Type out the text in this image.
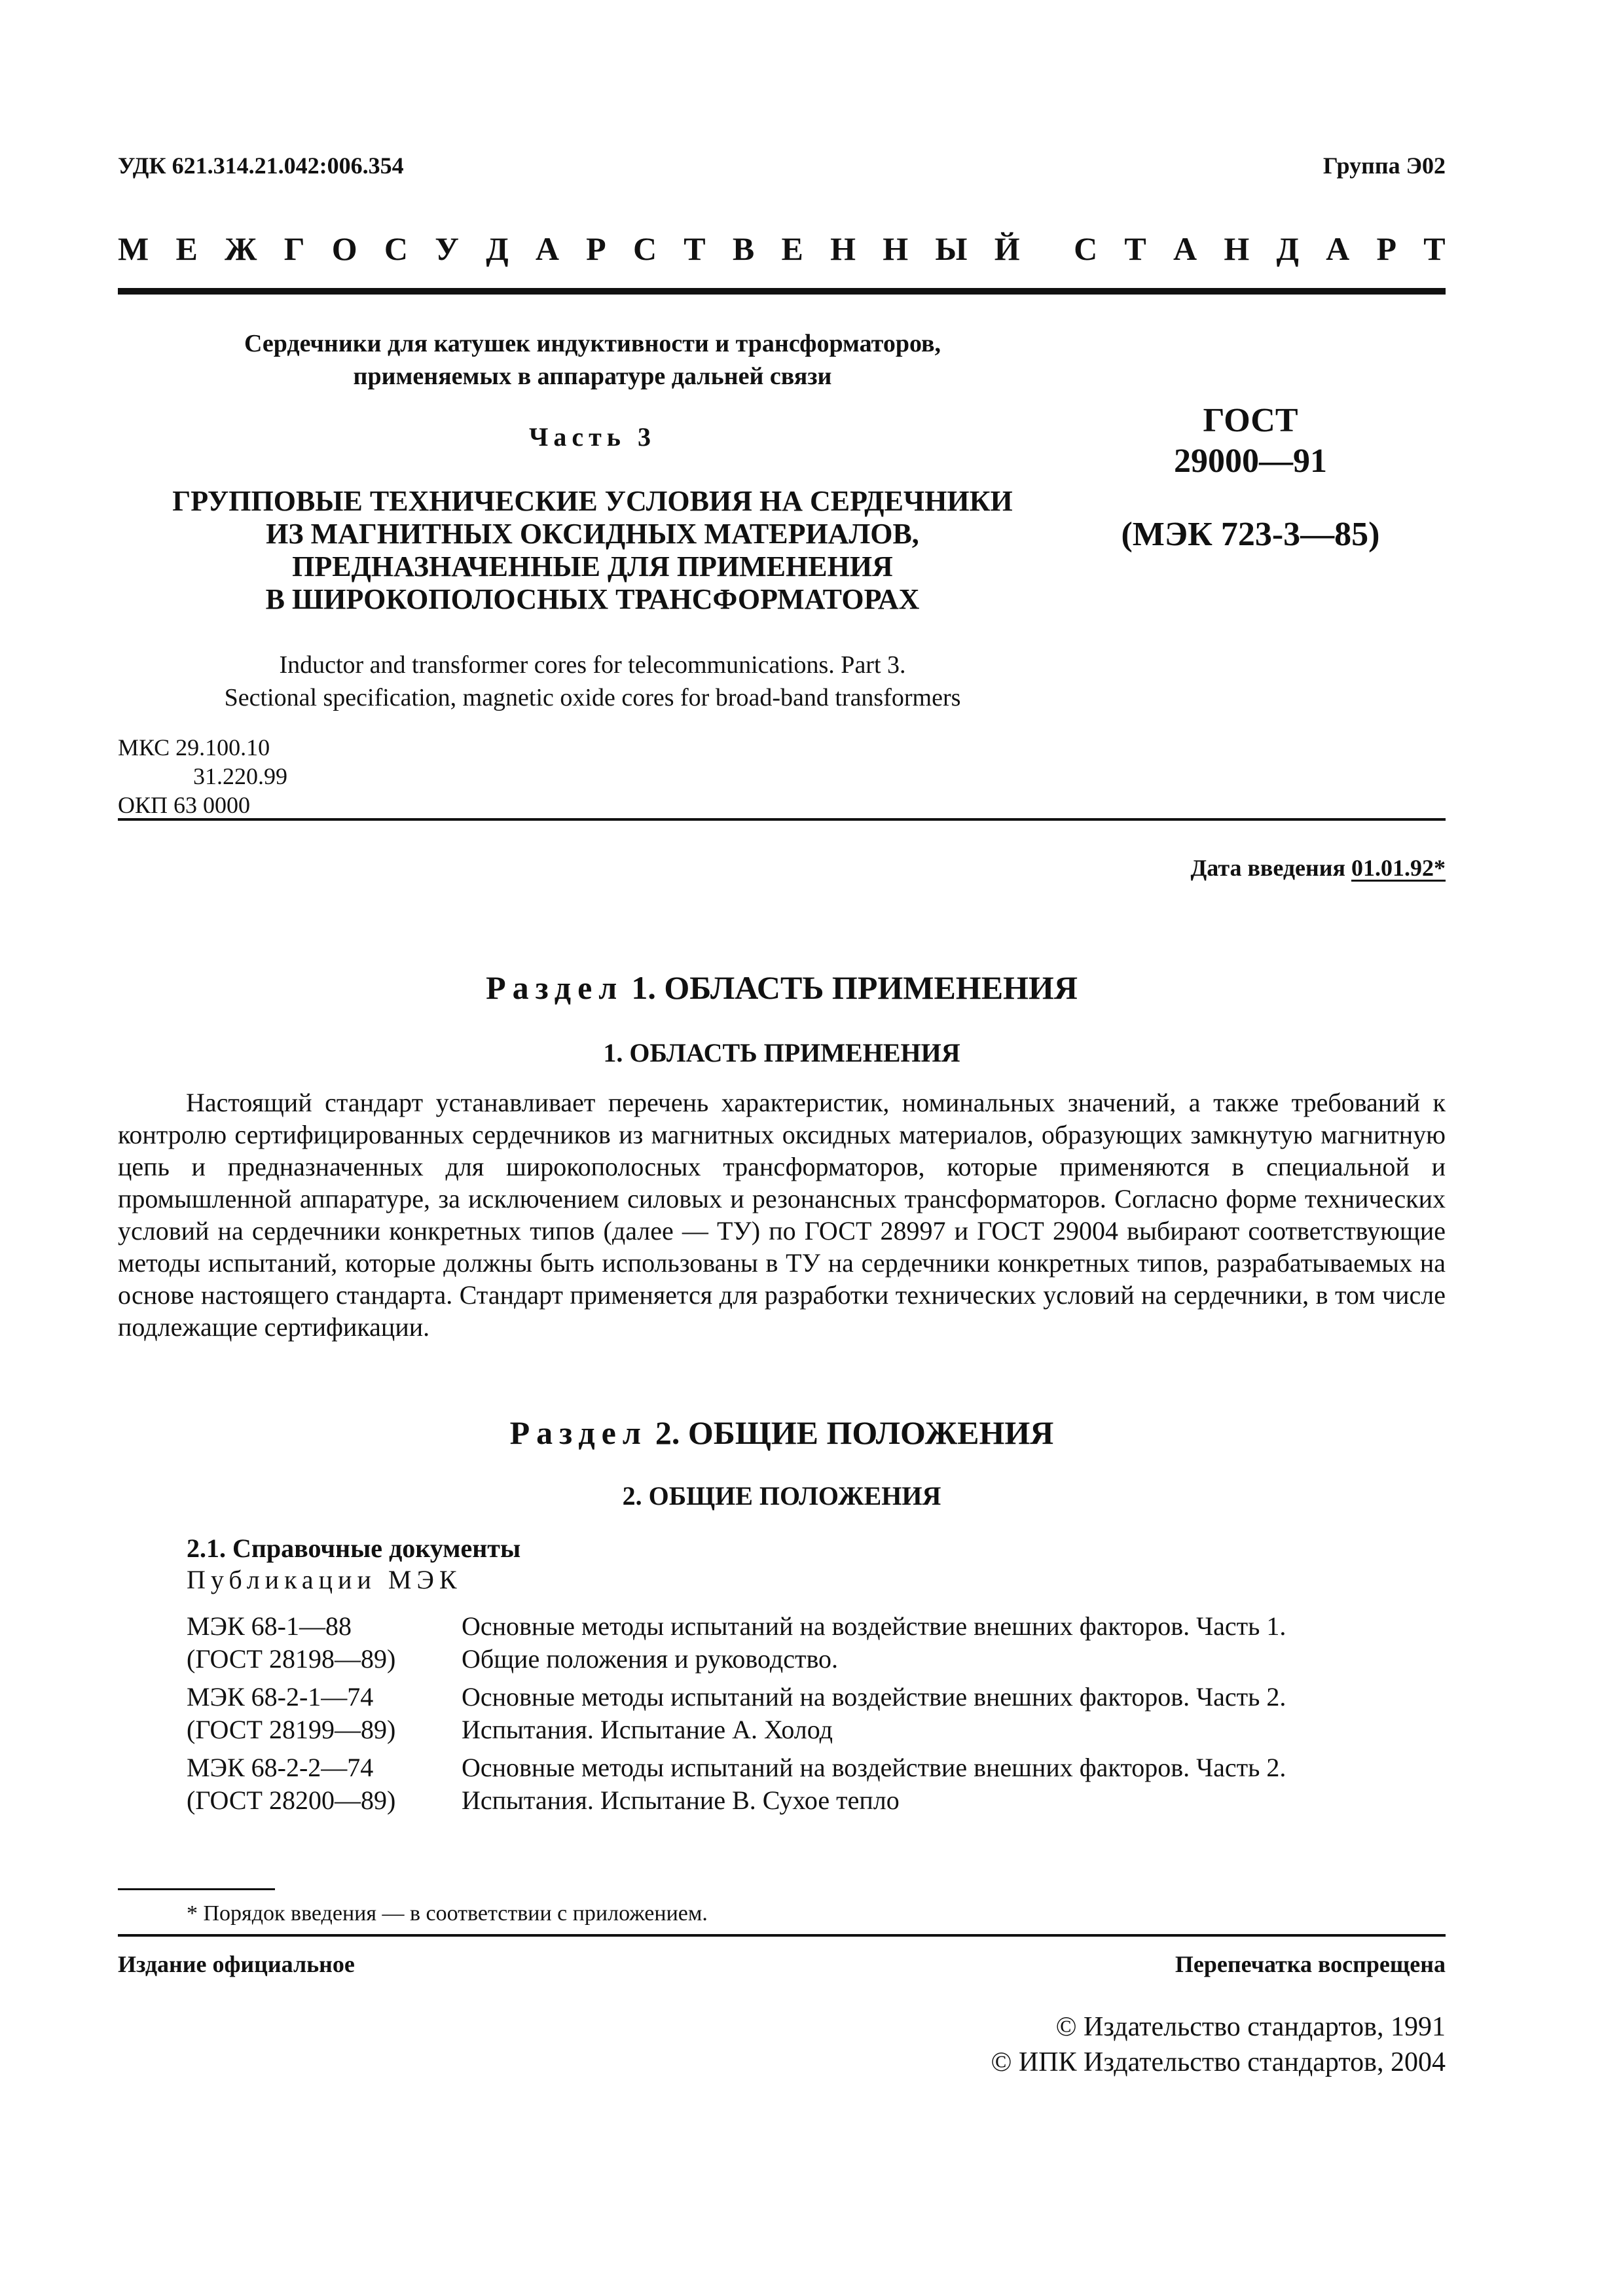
УДК 621.314.21.042:006.354	Группа Э02
М Е Ж Г О С У Д А Р С Т В Е Н Н Ы Й С Т А Н Д А Р Т
Сердечники для катушек индуктивности и трансформаторов,
применяемых в аппаратуре дальней связи
Часть 3
ГРУППОВЫЕ ТЕХНИЧЕСКИЕ УСЛОВИЯ НА СЕРДЕЧНИКИ
ИЗ МАГНИТНЫХ ОКСИДНЫХ МАТЕРИАЛОВ,
ПРЕДНАЗНАЧЕННЫЕ ДЛЯ ПРИМЕНЕНИЯ
В ШИРОКОПОЛОСНЫХ ТРАНСФОРМАТОРАХ
Inductor and transformer cores for telecommunications. Part 3.
Sectional specification, magnetic oxide cores for broad-band transformers
ГОСТ
29000—91
(МЭК 723-3—85)
МКС 29.100.10
31.220.99
ОКП 63 0000
Дата введения 01.01.92*
Раздел 1. ОБЛАСТЬ ПРИМЕНЕНИЯ
1. ОБЛАСТЬ ПРИМЕНЕНИЯ
Настоящий стандарт устанавливает перечень характеристик, номинальных значений, а также требований к контролю сертифицированных сердечников из магнитных оксидных материалов, образующих замкнутую магнитную цепь и предназначенных для широкополосных трансформаторов, которые применяются в специальной и промышленной аппаратуре, за исключением силовых и резонансных трансформаторов. Согласно форме технических условий на сердечники конкретных типов (далее — ТУ) по ГОСТ 28997 и ГОСТ 29004 выбирают соответствующие методы испытаний, которые должны быть использованы в ТУ на сердечники конкретных типов, разрабатываемых на основе настоящего стандарта. Стандарт применяется для разработки технических условий на сердечники, в том числе подлежащие сертификации.
Раздел 2. ОБЩИЕ ПОЛОЖЕНИЯ
2. ОБЩИЕ ПОЛОЖЕНИЯ
2.1. Справочные документы
Публикации МЭК
МЭК 68-1—88
(ГОСТ 28198—89)
Основные методы испытаний на воздействие внешних факторов. Часть 1.
Общие положения и руководство.
МЭК 68-2-1—74
(ГОСТ 28199—89)
Основные методы испытаний на воздействие внешних факторов. Часть 2.
Испытания. Испытание А. Холод
МЭК 68-2-2—74
(ГОСТ 28200—89)
Основные методы испытаний на воздействие внешних факторов. Часть 2.
Испытания. Испытание В. Сухое тепло
* Порядок введения — в соответствии с приложением.
Издание официальное	Перепечатка воспрещена
© Издательство стандартов, 1991
© ИПК Издательство стандартов, 2004
